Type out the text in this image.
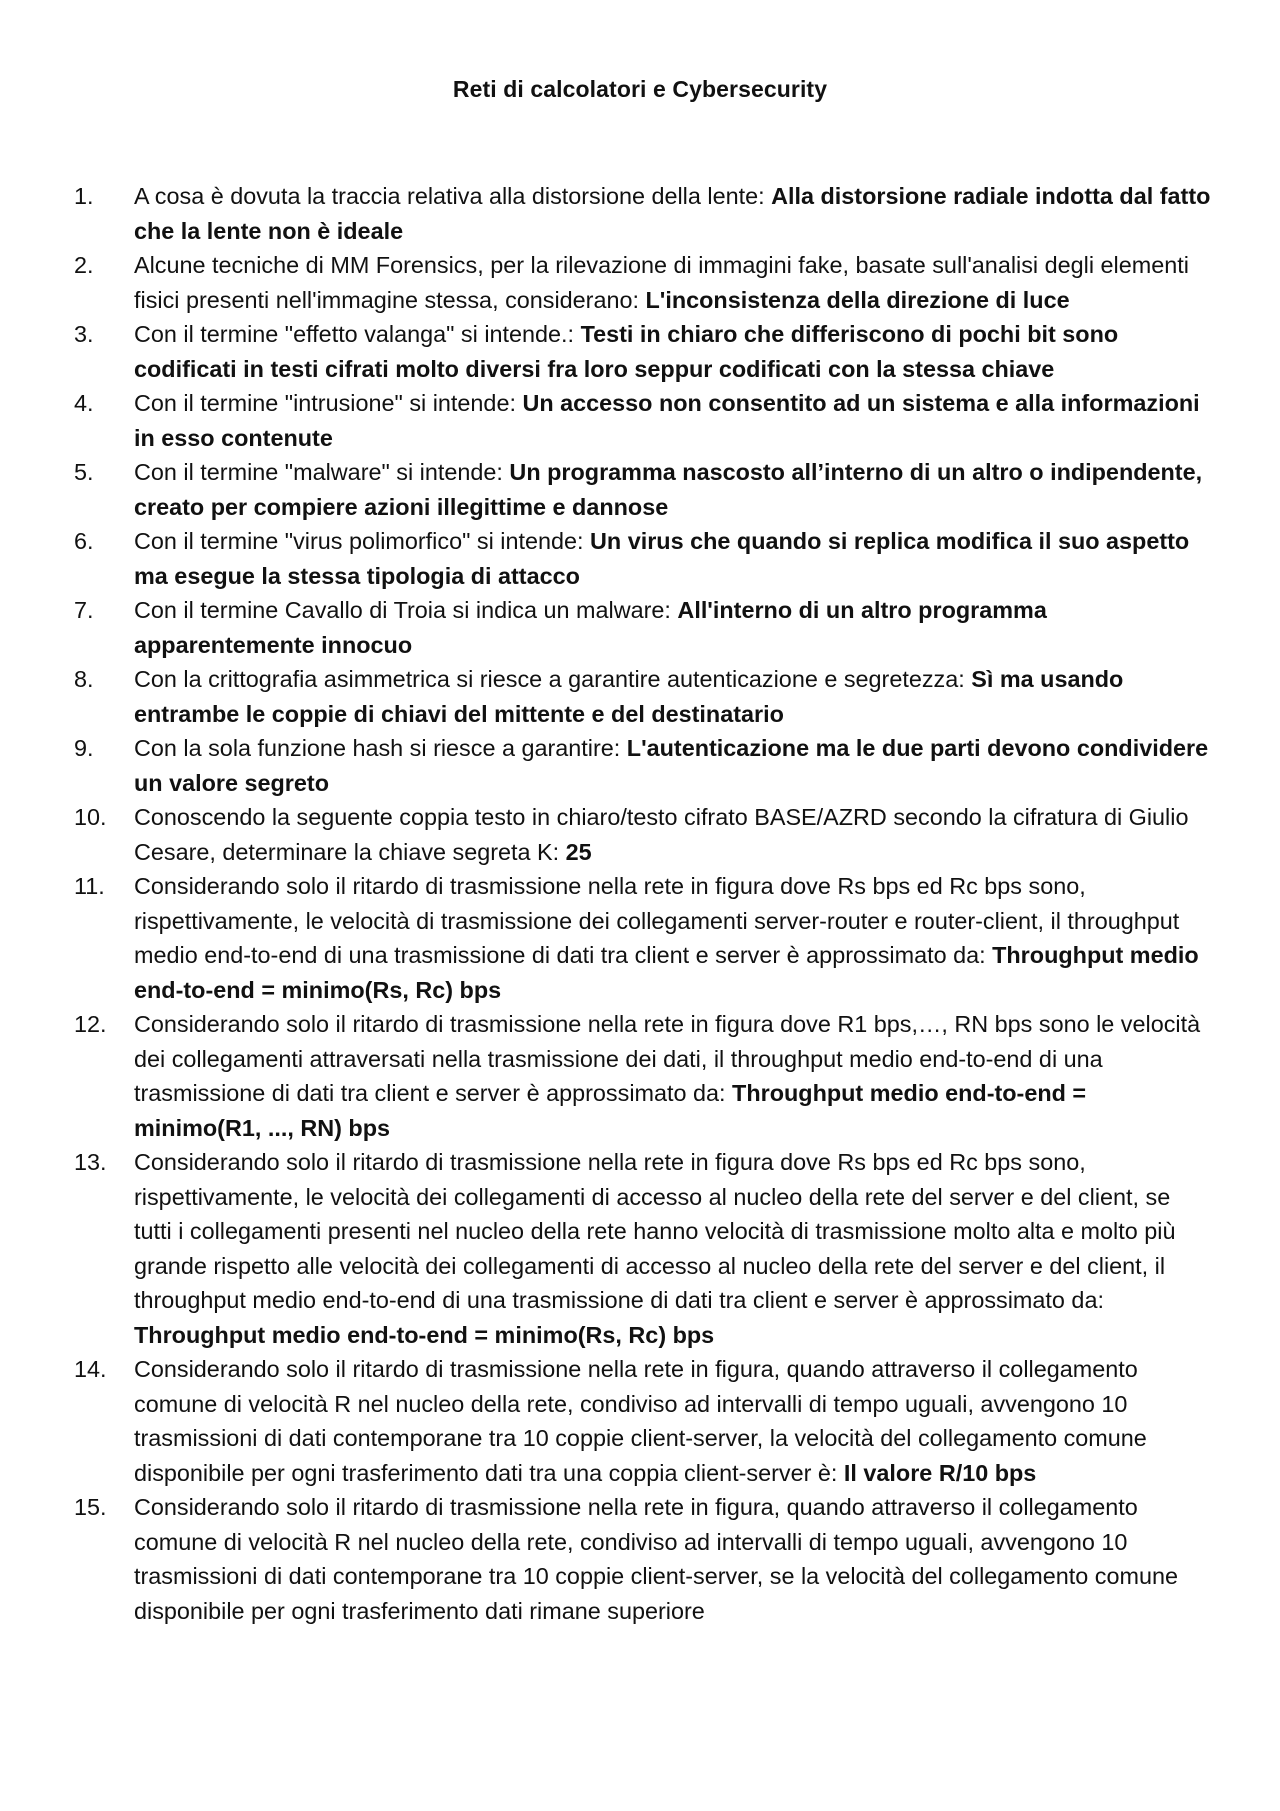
Reti di calcolatori e Cybersecurity
1.	A cosa è dovuta la traccia relativa alla distorsione della lente: Alla distorsione radiale indotta dal fatto che la lente non è ideale
2.	Alcune tecniche di MM Forensics, per la rilevazione di immagini fake, basate sull'analisi degli elementi fisici presenti nell'immagine stessa, considerano: L'inconsistenza della direzione di luce
3.	Con il termine "effetto valanga" si intende.: Testi in chiaro che differiscono di pochi bit sono codificati in testi cifrati molto diversi fra loro seppur codificati con la stessa chiave
4.	Con il termine "intrusione" si intende: Un accesso non consentito ad un sistema e alla informazioni in esso contenute
5.	Con il termine "malware" si intende: Un programma nascosto all’interno di un altro o indipendente, creato per compiere azioni illegittime e dannose
6.	Con il termine "virus polimorfico" si intende: Un virus che quando si replica modifica il suo aspetto ma esegue la stessa tipologia di attacco
7.	Con il termine Cavallo di Troia si indica un malware: All'interno di un altro programma apparentemente innocuo
8.	Con la crittografia asimmetrica si riesce a garantire autenticazione e segretezza: Sì ma usando entrambe le coppie di chiavi del mittente e del destinatario
9.	Con la sola funzione hash si riesce a garantire: L'autenticazione ma le due parti devono condividere un valore segreto
10.	Conoscendo la seguente coppia testo in chiaro/testo cifrato BASE/AZRD secondo la cifratura di Giulio Cesare, determinare la chiave segreta K: 25
11.	Considerando solo il ritardo di trasmissione nella rete in figura dove Rs bps ed Rc bps sono, rispettivamente, le velocità di trasmissione dei collegamenti server-router e router-client, il throughput medio end-to-end di una trasmissione di dati tra client e server è approssimato da: Throughput medio end-to-end = minimo(Rs, Rc) bps
12.	Considerando solo il ritardo di trasmissione nella rete in figura dove R1 bps,…, RN bps sono le velocità dei collegamenti attraversati nella trasmissione dei dati, il throughput medio end-to-end di una trasmissione di dati tra client e server è approssimato da: Throughput medio end-to-end = minimo(R1, ..., RN) bps
13.	Considerando solo il ritardo di trasmissione nella rete in figura dove Rs bps ed Rc bps sono, rispettivamente, le velocità dei collegamenti di accesso al nucleo della rete del server e del client, se tutti i collegamenti presenti nel nucleo della rete hanno velocità di trasmissione molto alta e molto più grande rispetto alle velocità dei collegamenti di accesso al nucleo della rete del server e del client, il throughput medio end-to-end di una trasmissione di dati tra client e server è approssimato da: Throughput medio end-to-end = minimo(Rs, Rc) bps
14.	Considerando solo il ritardo di trasmissione nella rete in figura, quando attraverso il collegamento comune di velocità R nel nucleo della rete, condiviso ad intervalli di tempo uguali, avvengono 10 trasmissioni di dati contemporane tra 10 coppie client-server, la velocità del collegamento comune disponibile per ogni trasferimento dati tra una coppia client-server è: Il valore R/10 bps
15.	Considerando solo il ritardo di trasmissione nella rete in figura, quando attraverso il collegamento comune di velocità R nel nucleo della rete, condiviso ad intervalli di tempo uguali, avvengono 10 trasmissioni di dati contemporane tra 10 coppie client-server, se la velocità del collegamento comune disponibile per ogni trasferimento dati rimane superiore
